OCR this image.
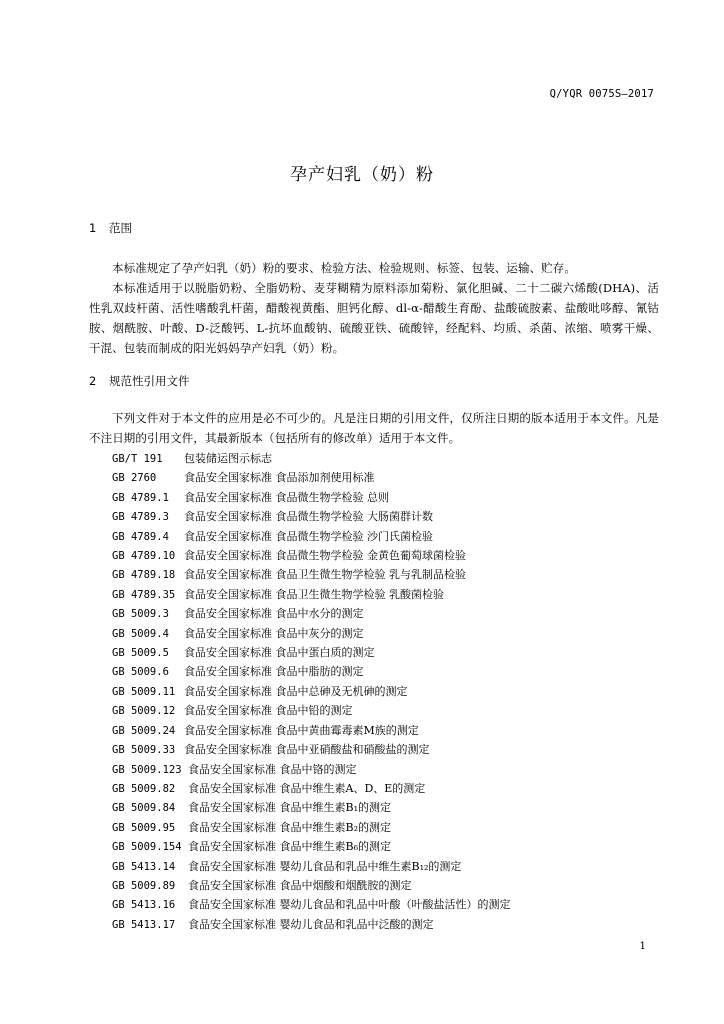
Q/YQR 0075S—2017
孕产妇乳（奶）粉
1 范围

本标准规定了孕产妇乳（奶）粉的要求、检验方法、检验规则、标签、包装、运输、贮存。

本标准适用于以脱脂奶粉、全脂奶粉、麦芽糊精为原料添加菊粉、氯化胆碱、二十二碳六烯酸(DHA)、活性乳双歧杆菌、活性嗜酸乳杆菌，醋酸视黄酯、胆钙化醇、dl-α-醋酸生育酚、盐酸硫胺素、盐酸吡哆醇、氰钴胺、烟酰胺、叶酸、D-泛酸钙、L-抗坏血酸钠、硫酸亚铁、硫酸锌，经配料、均质、杀菌、浓缩、喷雾干燥、干混、包装而制成的阳光妈妈孕产妇乳（奶）粉。

2 规范性引用文件

下列文件对于本文件的应用是必不可少的。凡是注日期的引用文件，仅所注日期的版本适用于本文件。凡是不注日期的引用文件，其最新版本（包括所有的修改单）适用于本文件。

GB/T 191 包装储运图示标志
GB 2760	食品安全国家标准 食品添加剂使用标准
GB 4789.1 食品安全国家标准 食品微生物学检验 总则
GB 4789.3 食品安全国家标准 食品微生物学检验 大肠菌群计数
GB 4789.4 食品安全国家标准 食品微生物学检验 沙门氏菌检验
GB 4789.10 食品安全国家标准 食品微生物学检验 金黄色葡萄球菌检验
GB 4789.18 食品安全国家标准 食品卫生微生物学检验 乳与乳制品检验
GB 4789.35 食品安全国家标准 食品卫生微生物学检验 乳酸菌检验
GB 5009.3 食品安全国家标准 食品中水分的测定
GB 5009.4 食品安全国家标准 食品中灰分的测定
GB 5009.5 食品安全国家标准 食品中蛋白质的测定
GB 5009.6 食品安全国家标准 食品中脂肪的测定
GB 5009.11 食品安全国家标准 食品中总砷及无机砷的测定
GB 5009.12 食品安全国家标准 食品中铅的测定
GB 5009.24 食品安全国家标准 食品中黄曲霉毒素M族的测定
GB 5009.33 食品安全国家标准 食品中亚硝酸盐和硝酸盐的测定
GB 5009.123 食品安全国家标准 食品中铬的测定
GB 5009.82 食品安全国家标准 食品中维生素A、D、E的测定
GB 5009.84 食品安全国家标准 食品中维生素B₁的测定
GB 5009.95 食品安全国家标准 食品中维生素B₂的测定
GB 5009.154 食品安全国家标准 食品中维生素B₆的测定
GB 5413.14 食品安全国家标准 婴幼儿食品和乳品中维生素B₁₂的测定
GB 5009.89 食品安全国家标准 食品中烟酸和烟酰胺的测定
GB 5413.16 食品安全国家标准 婴幼儿食品和乳品中叶酸（叶酸盐活性）的测定
GB 5413.17 食品安全国家标准 婴幼儿食品和乳品中泛酸的测定
1
